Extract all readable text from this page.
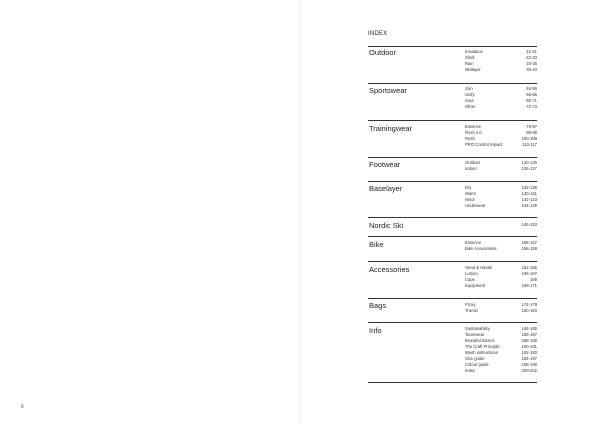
INDEX
Outdoor	Insulation	10-21
Shell	22-33
Rain	34-35
Midlayer	36-43
Sportswear	Join	46-55
Unify	56-66
Soul	60-71
Other	72-73
Trainingwear	Essence	76-87
Rush 2.0	88-99
Rush	100-109
PRO Control Impact	110-117
Footwear	Outdoor	120-125
Indoor	126-127
Baselayer	Dry	132-139
Warm	140-141
Wool	142-143
Underwear	144-145
Nordic Ski	146-153
Bike	Essence	156-157
Bike Accessories	158-159
Accessories	Head & Hands	162-165
Lumen	166-167
Caps	168
Equipment	169-171
Bags	Proxy	174-179
Transit	180-183
Info	Sustainability	184-185
Teamwear	186-187
Branded fabrics	188-189
The Craft Principle	190-191
Wash instructions	192-193
Size guide	194-197
Colour guide	198-199
Index	200-202
6
